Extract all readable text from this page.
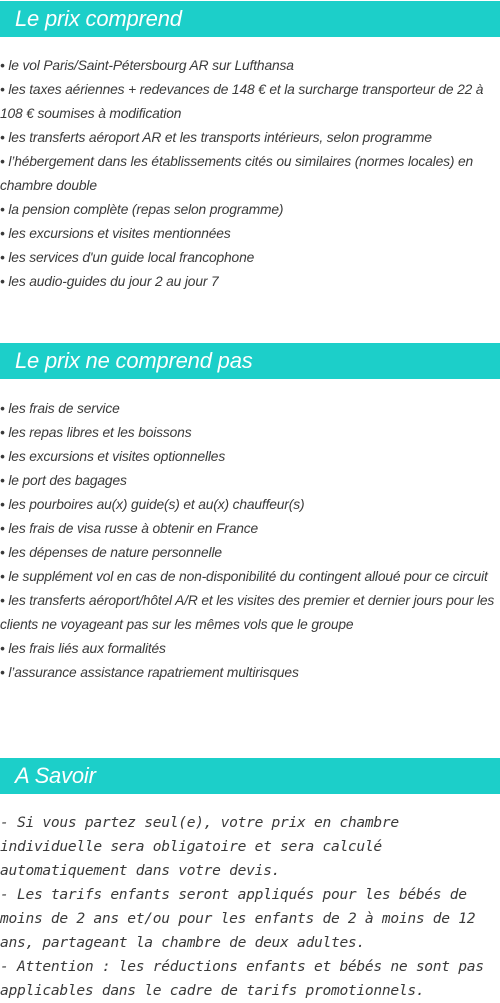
Le prix comprend
• le vol Paris/Saint-Pétersbourg AR sur Lufthansa
• les taxes aériennes + redevances de 148 € et la surcharge transporteur de 22 à 108 € soumises à modification
• les transferts aéroport AR et les transports intérieurs, selon programme
• l’hébergement dans les établissements cités ou similaires (normes locales) en chambre double
• la pension complète (repas selon programme)
• les excursions et visites mentionnées
• les services d'un guide local francophone
• les audio-guides du jour 2 au jour 7
Le prix ne comprend pas
• les frais de service
• les repas libres et les boissons
• les excursions et visites optionnelles
• le port des bagages
• les pourboires au(x) guide(s) et au(x) chauffeur(s)
• les frais de visa russe à obtenir en France
• les dépenses de nature personnelle
• le supplément vol en cas de non-disponibilité du contingent alloué pour ce circuit
• les transferts aéroport/hôtel A/R et les visites des premier et dernier jours pour les clients ne voyageant pas sur les mêmes vols que le groupe
• les frais liés aux formalités
• l’assurance assistance rapatriement multirisques
A Savoir

- Si vous partez seul(e), votre prix en chambre individuelle sera obligatoire et sera calculé automatiquement dans votre devis.

- Les tarifs enfants seront appliqués pour les bébés de moins de 2 ans et/ou pour les enfants de 2 à moins de 12 ans, partageant la chambre de deux adultes.

- Attention : les réductions enfants et bébés ne sont pas applicables dans le cadre de tarifs promotionnels.
